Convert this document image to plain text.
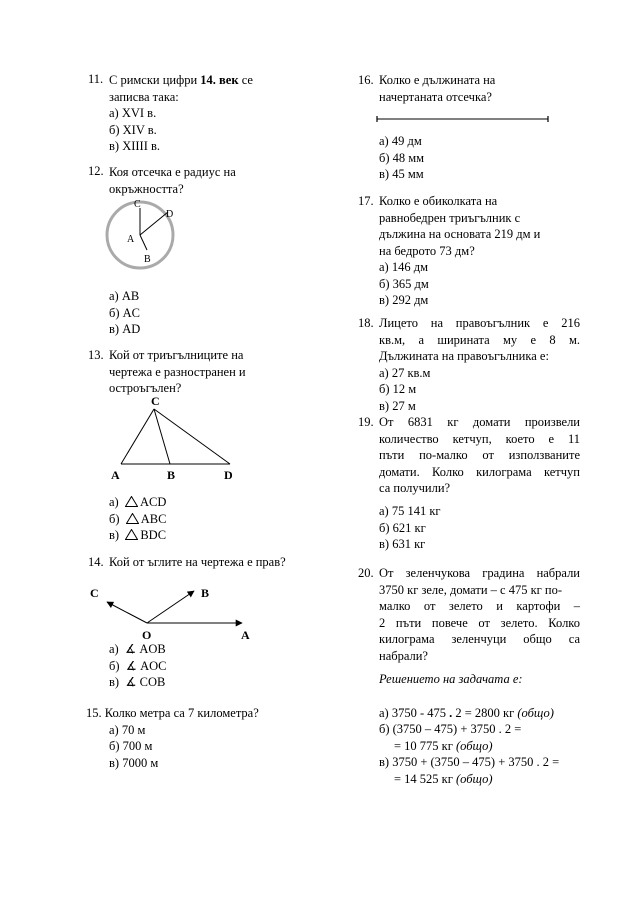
11. С римски цифри 14. век се
записва така:
а) XVI в.
б) XIV в.
в) XIIII в.
12. Коя отсечка е радиус на
окръжността?
C
D
A
B
а) AB
б) AC
в) AD
13. Кой от триъгълниците на
чертежа е разностранен и
остроъгълен?
C
A	B	D
а) ACD
б) ABC
в) BDC
14. Кой от ъглите на чертежа е прав?
C	B
O	A
а) ∡ AOB
б) ∡ AOC
в) ∡ COB
15. Колко метра са 7 километра?
а) 70 м
б) 700 м
в) 7000 м
16. Колко е дължината на
начертаната отсечка?
а) 49 дм
б) 48 мм
в) 45 мм
17. Колко е обиколката на
равнобедрен триъгълник с
дължина на основата 219 дм и
на бедрото 73 дм?
а) 146 дм
б) 365 дм
в) 292 дм
18. Лицето на правоъгълник е 216
кв.м, а ширината му е 8 м.
Дължината на правоъгълника е:
а) 27 кв.м
б) 12 м
в) 27 м
19. От 6831 кг домати произвели
количество кетчуп, което е 11
пъти по-малко от използваните
домати. Колко килограма кетчуп
са получили?
а) 75 141 кг
б) 621 кг
в) 631 кг
20. От зеленчукова градина набрали
3750 кг зеле, домати – с 475 кг по-
малко от зелето и картофи –
2 пъти повече от зелето. Колко
килограма зеленчуци общо са
набрали?
Решението на задачата е:
а) 3750 - 475 . 2 = 2800 кг (общо)
б) (3750 – 475) + 3750 . 2 =
= 10 775 кг (общо)
в) 3750 + (3750 – 475) + 3750 . 2 =
= 14 525 кг (общо)
